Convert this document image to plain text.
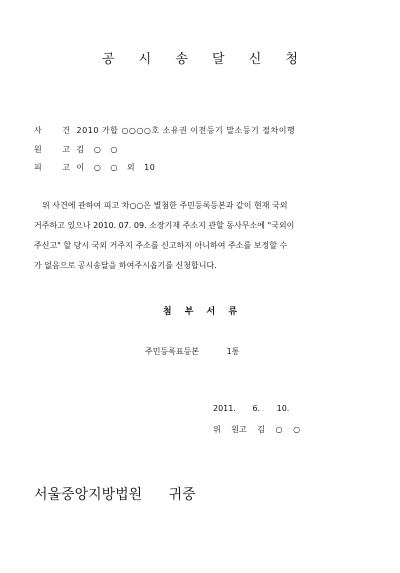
공 시 송 달 신 청
사 건 2010 가합 ○○○○호 소유권 이전등기 말소등기 절차이행
원 고 김 ○ ○
피 고 이 ○ ○ 외 10
위 사건에 관하여 피고 차○○은 별첨한 주민등록등본과 같이 현재 국외
거주하고 있으나 2010. 07. 09. 소장기재 주소지 관할 동사무소에 "국외이
주신고" 할 당시 국외 거주지 주소를 신고하지 아니하여 주소를 보정할 수
가 없음으로 공시송달을 하여주시옵기를 신청합니다.
첨 부 서 류
주민등록표등본	1통
2011. 6. 10.
위 원고 김 ○ ○
서울중앙지방법원 귀중
